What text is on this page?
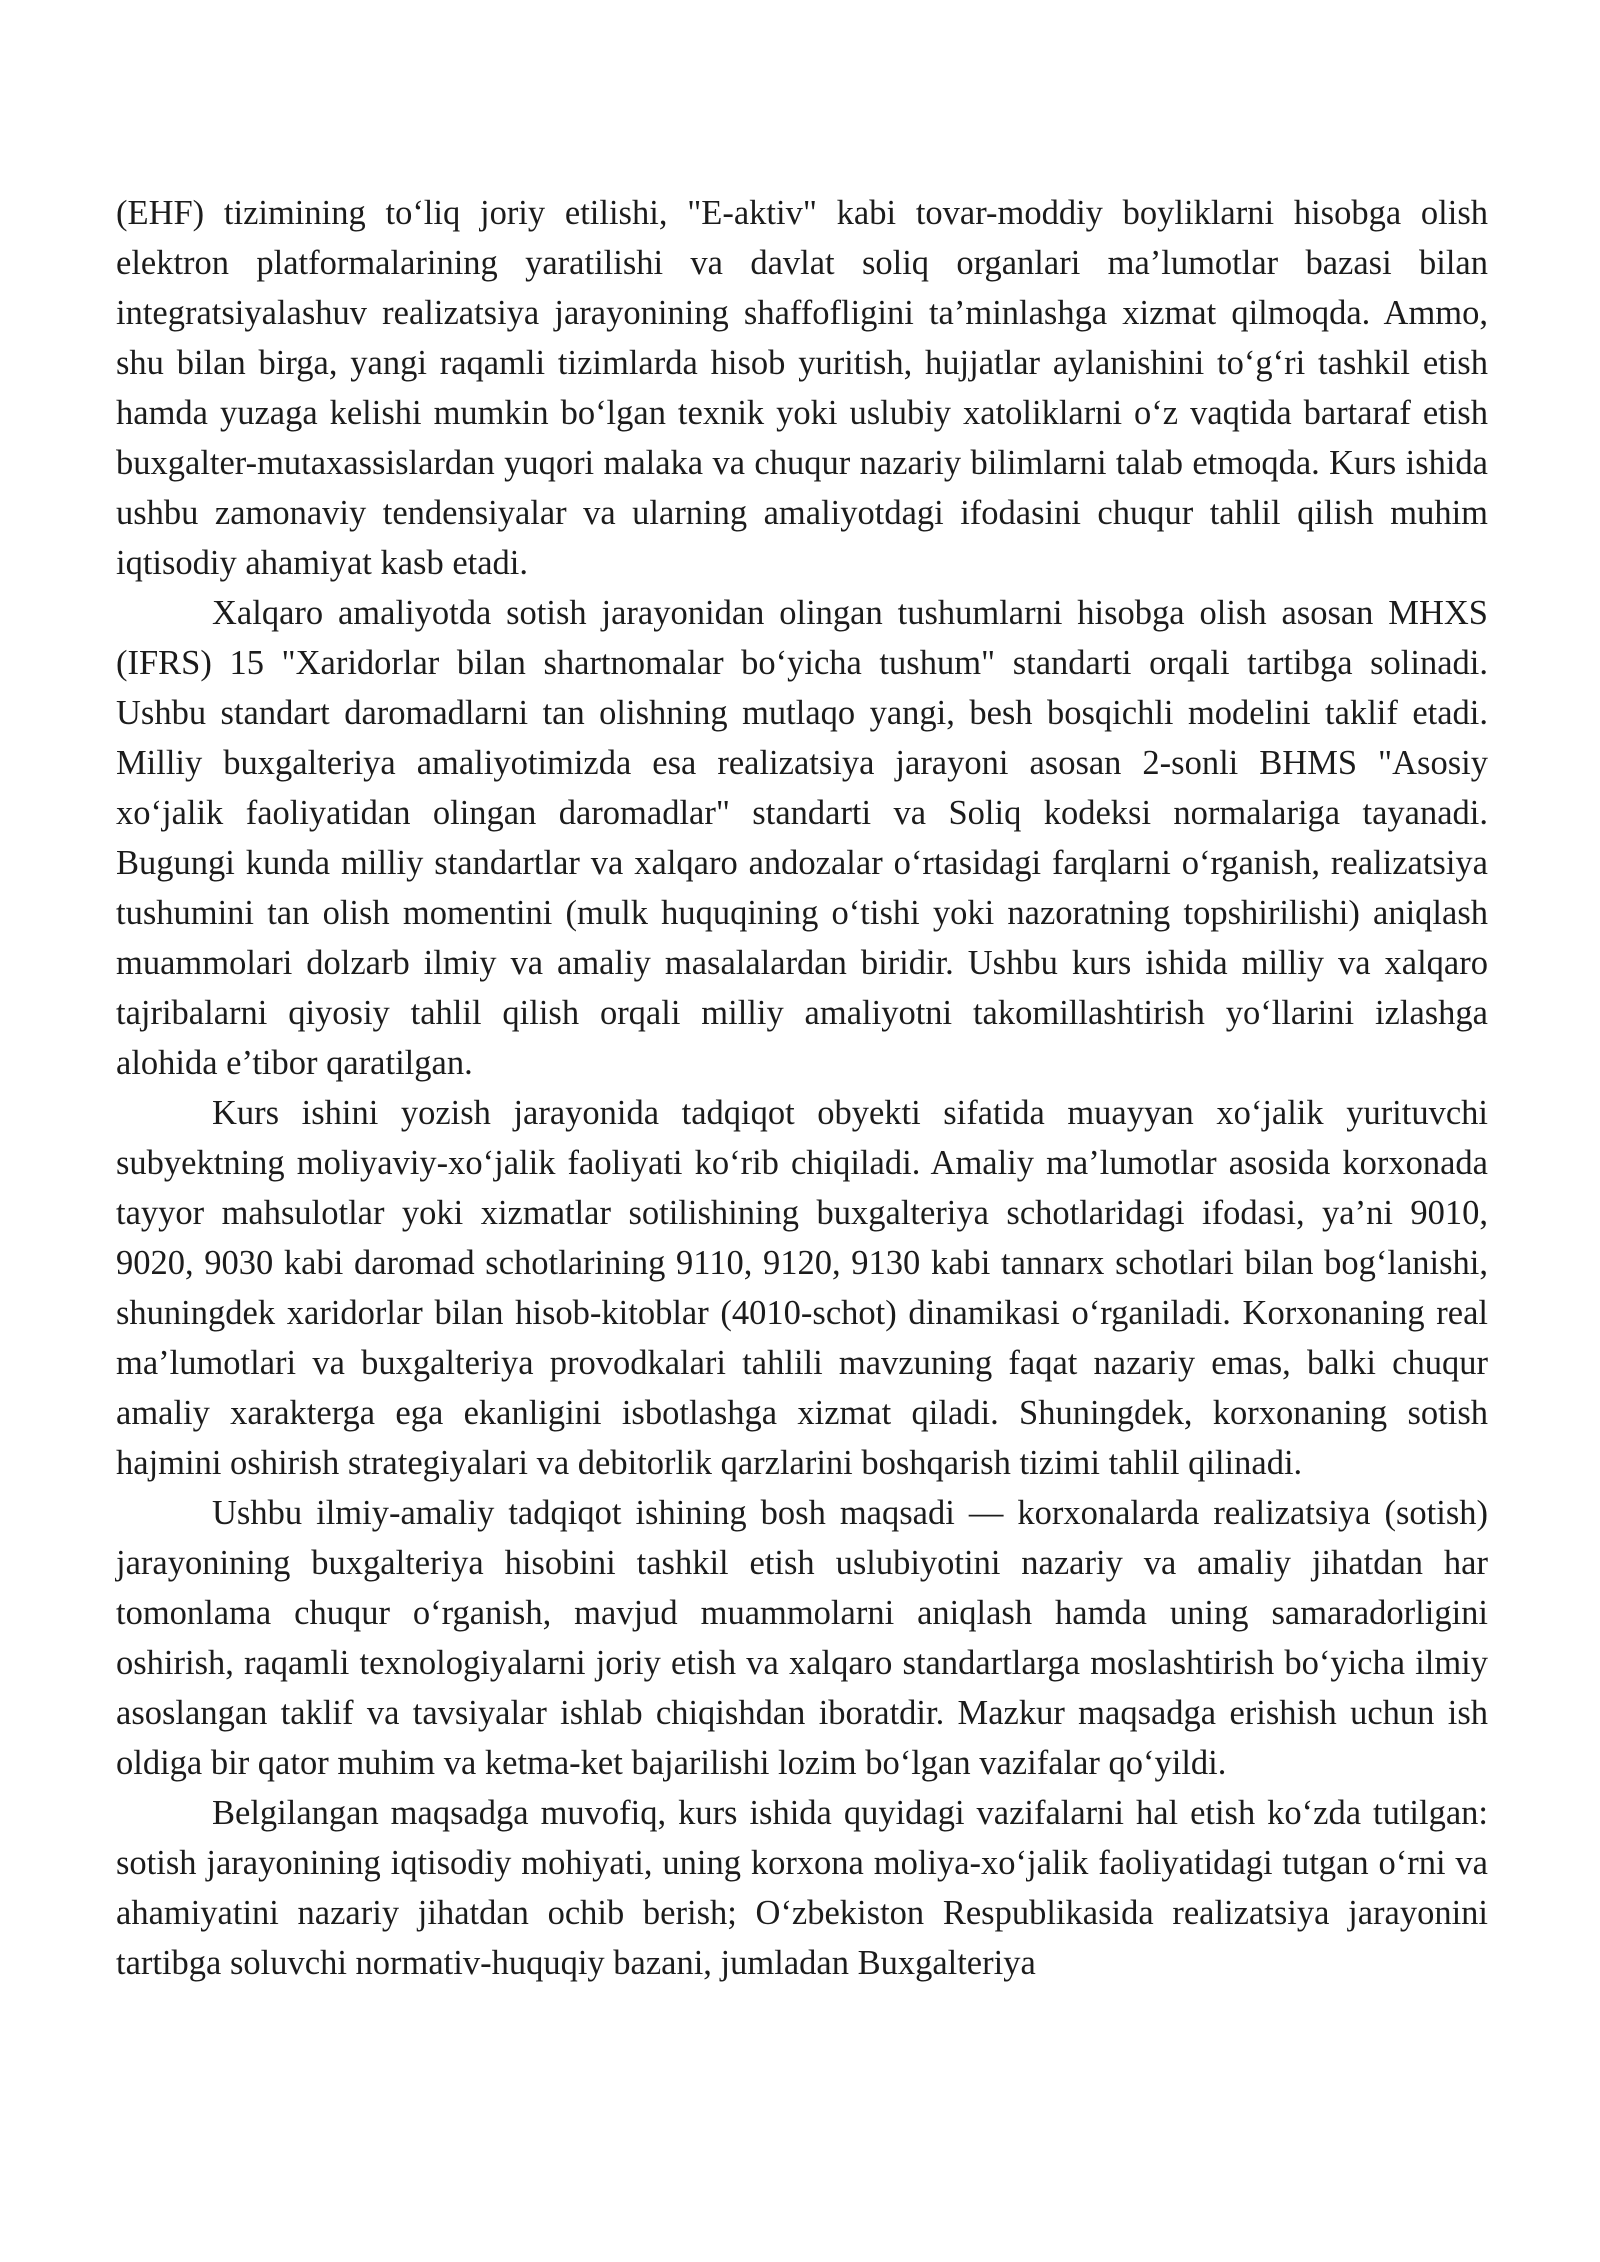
(EHF) tizimining to‘liq joriy etilishi, "E-aktiv" kabi tovar-moddiy boyliklarni hisobga olish elektron platformalarining yaratilishi va davlat soliq organlari ma’lumotlar bazasi bilan integratsiyalashuv realizatsiya jarayonining shaffofligini ta’minlashga xizmat qilmoqda. Ammo, shu bilan birga, yangi raqamli tizimlarda hisob yuritish, hujjatlar aylanishini to‘g‘ri tashkil etish hamda yuzaga kelishi mumkin bo‘lgan texnik yoki uslubiy xatoliklarni o‘z vaqtida bartaraf etish buxgalter-mutaxassislardan yuqori malaka va chuqur nazariy bilimlarni talab etmoqda. Kurs ishida ushbu zamonaviy tendensiyalar va ularning amaliyotdagi ifodasini chuqur tahlil qilish muhim iqtisodiy ahamiyat kasb etadi.

Xalqaro amaliyotda sotish jarayonidan olingan tushumlarni hisobga olish asosan MHXS (IFRS) 15 "Xaridorlar bilan shartnomalar bo‘yicha tushum" standarti orqali tartibga solinadi. Ushbu standart daromadlarni tan olishning mutlaqo yangi, besh bosqichli modelini taklif etadi. Milliy buxgalteriya amaliyotimizda esa realizatsiya jarayoni asosan 2-sonli BHMS "Asosiy xo‘jalik faoliyatidan olingan daromadlar" standarti va Soliq kodeksi normalariga tayanadi. Bugungi kunda milliy standartlar va xalqaro andozalar o‘rtasidagi farqlarni o‘rganish, realizatsiya tushumini tan olish momentini (mulk huquqining o‘tishi yoki nazoratning topshirilishi) aniqlash muammolari dolzarb ilmiy va amaliy masalalardan biridir. Ushbu kurs ishida milliy va xalqaro tajribalarni qiyosiy tahlil qilish orqali milliy amaliyotni takomillashtirish yo‘llarini izlashga alohida e’tibor qaratilgan.

Kurs ishini yozish jarayonida tadqiqot obyekti sifatida muayyan xo‘jalik yurituvchi subyektning moliyaviy-xo‘jalik faoliyati ko‘rib chiqiladi. Amaliy ma’lumotlar asosida korxonada tayyor mahsulotlar yoki xizmatlar sotilishining buxgalteriya schotlaridagi ifodasi, ya’ni 9010, 9020, 9030 kabi daromad schotlarining 9110, 9120, 9130 kabi tannarx schotlari bilan bog‘lanishi, shuningdek xaridorlar bilan hisob-kitoblar (4010-schot) dinamikasi o‘rganiladi. Korxonaning real ma’lumotlari va buxgalteriya provodkalari tahlili mavzuning faqat nazariy emas, balki chuqur amaliy xarakterga ega ekanligini isbotlashga xizmat qiladi. Shuningdek, korxonaning sotish hajmini oshirish strategiyalari va debitorlik qarzlarini boshqarish tizimi tahlil qilinadi.

Ushbu ilmiy-amaliy tadqiqot ishining bosh maqsadi — korxonalarda realizatsiya (sotish) jarayonining buxgalteriya hisobini tashkil etish uslubiyotini nazariy va amaliy jihatdan har tomonlama chuqur o‘rganish, mavjud muammolarni aniqlash hamda uning samaradorligini oshirish, raqamli texnologiyalarni joriy etish va xalqaro standartlarga moslashtirish bo‘yicha ilmiy asoslangan taklif va tavsiyalar ishlab chiqishdan iboratdir. Mazkur maqsadga erishish uchun ish oldiga bir qator muhim va ketma-ket bajarilishi lozim bo‘lgan vazifalar qo‘yildi.

Belgilangan maqsadga muvofiq, kurs ishida quyidagi vazifalarni hal etish ko‘zda tutilgan: sotish jarayonining iqtisodiy mohiyati, uning korxona moliya-xo‘jalik faoliyatidagi tutgan o‘rni va ahamiyatini nazariy jihatdan ochib berish; O‘zbekiston Respublikasida realizatsiya jarayonini tartibga soluvchi normativ-huquqiy bazani, jumladan Buxgalteriya
